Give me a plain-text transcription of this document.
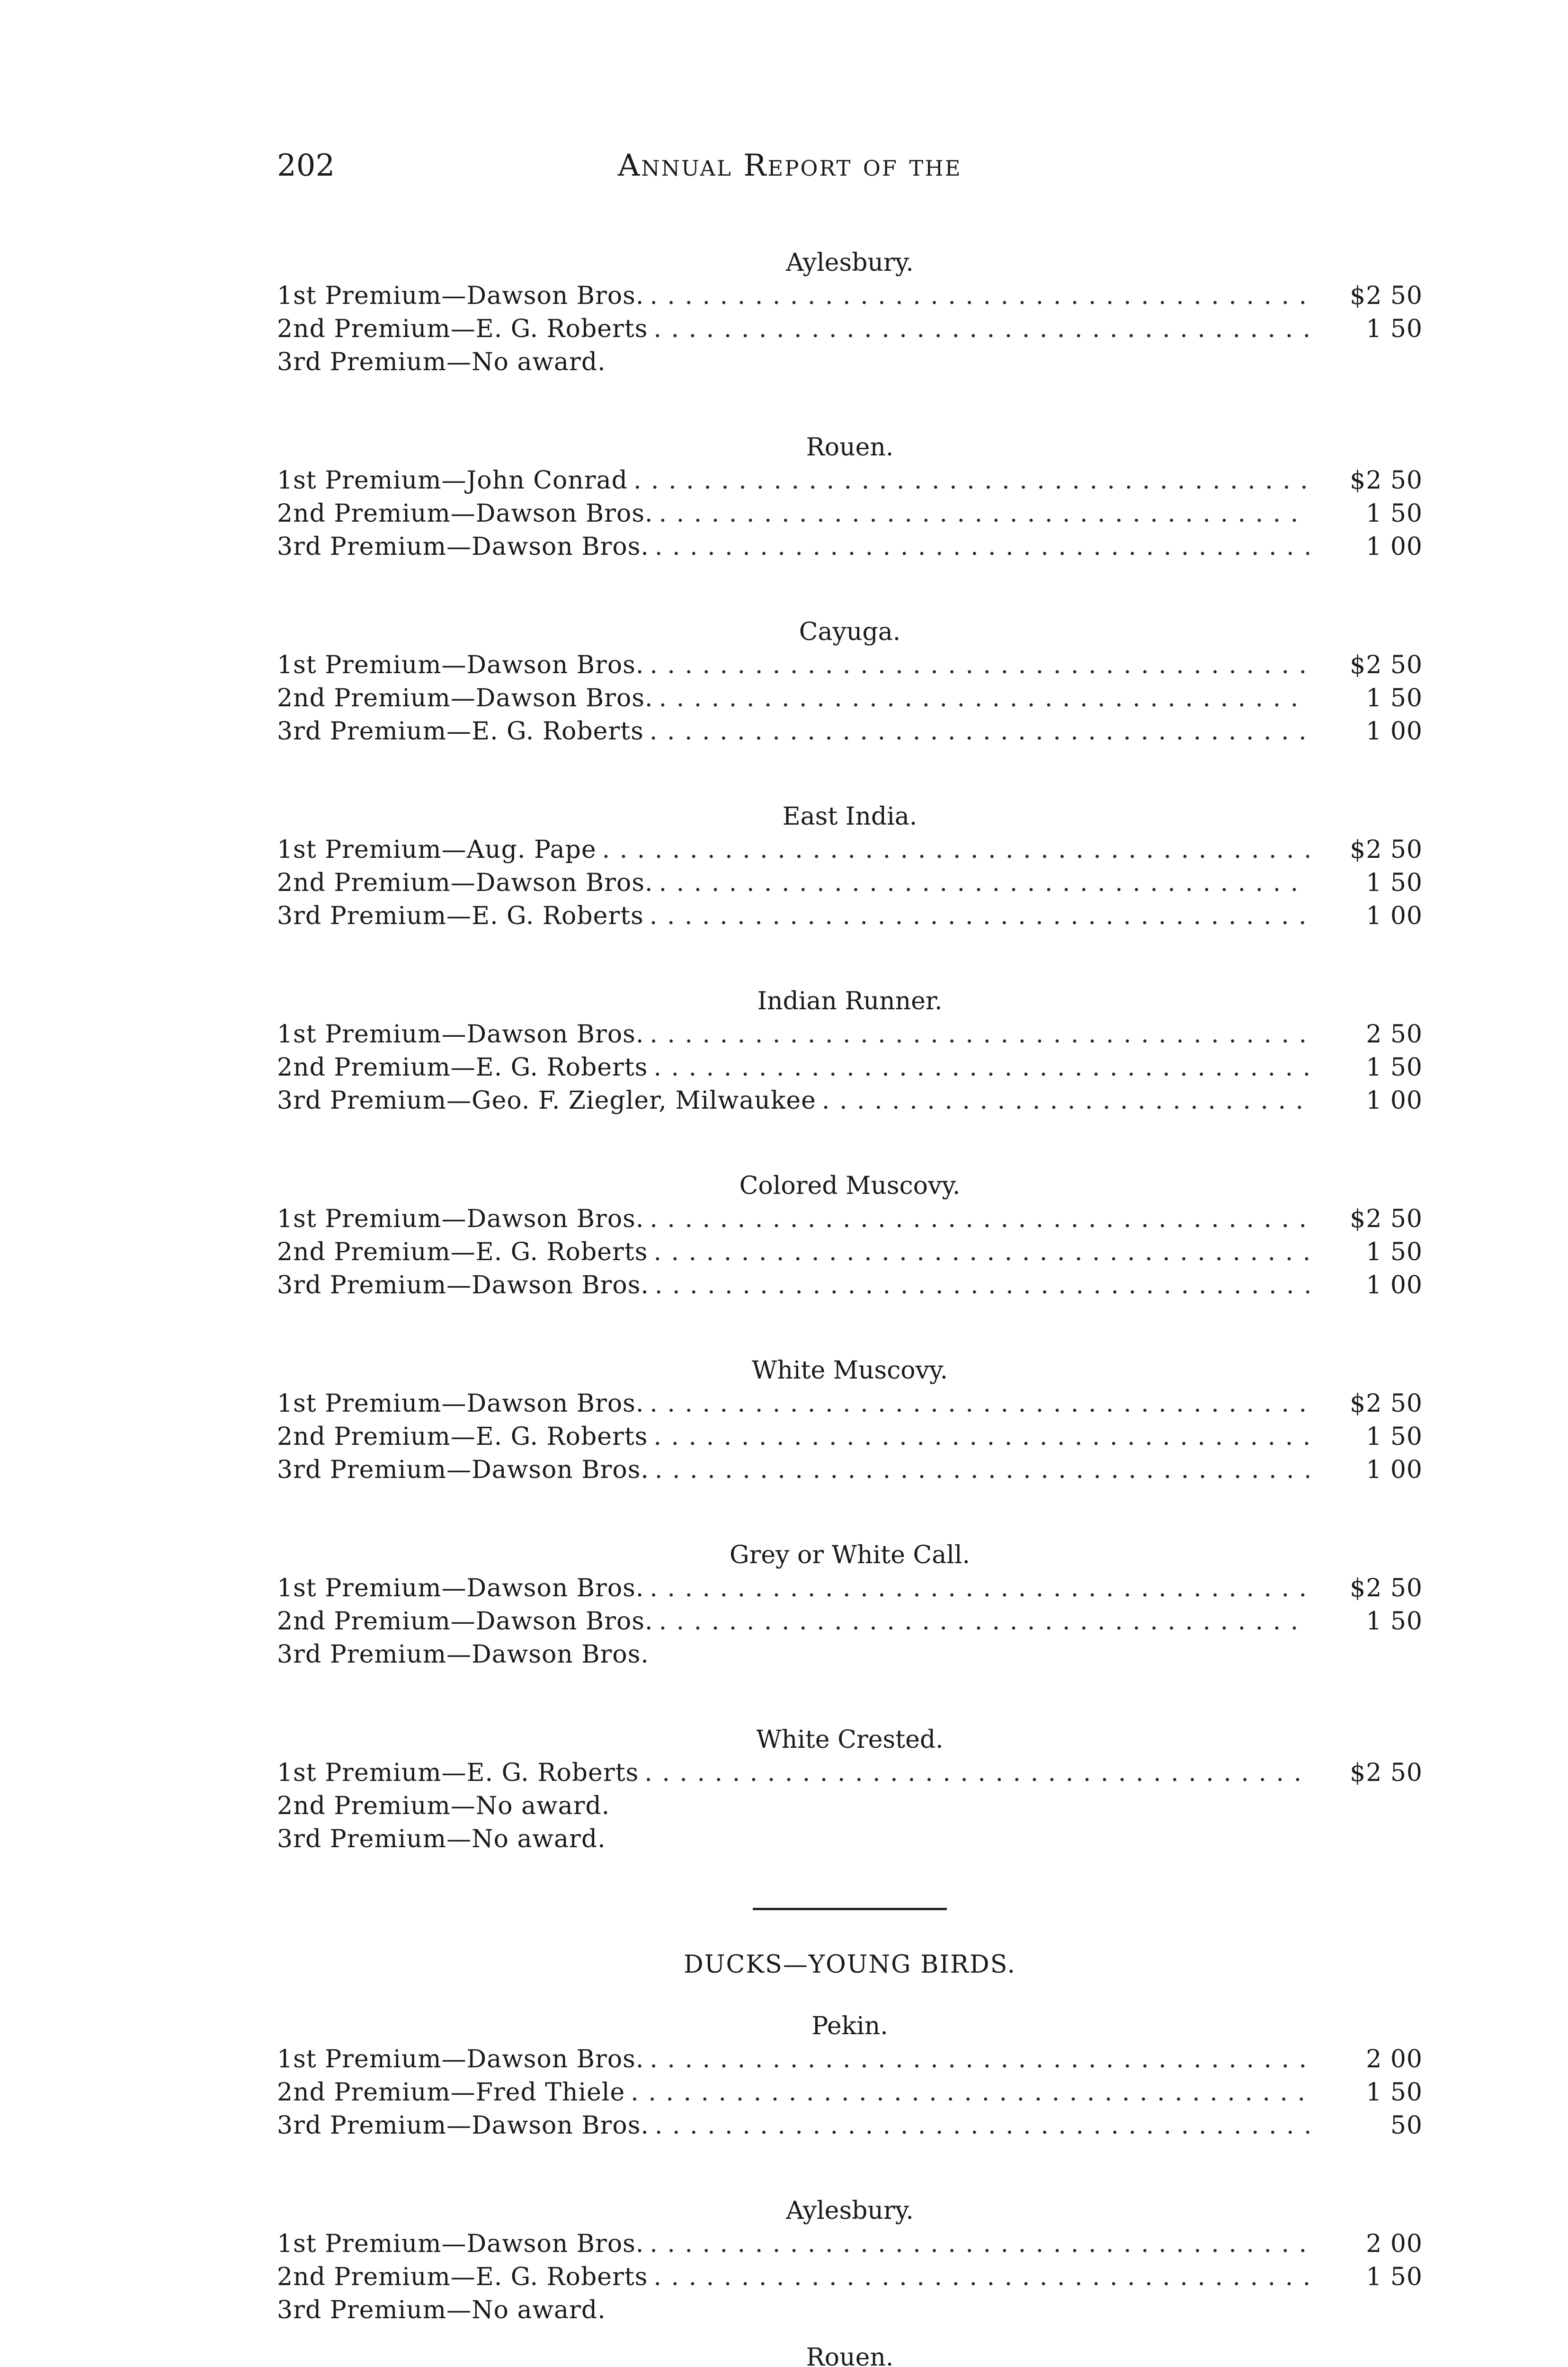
202	Annual Report of the
Aylesbury.
1st Premium—Dawson Bros. . . .	$2 50
2nd Premium—E. G. Roberts . . .	1 50
3rd Premium—No award.
Rouen.
1st Premium—John Conrad . . .	$2 50
2nd Premium—Dawson Bros. . . .	1 50
3rd Premium—Dawson Bros. . . .	1 00
Cayuga.
1st Premium—Dawson Bros. . . .	$2 50
2nd Premium—Dawson Bros. . . .	1 50
3rd Premium—E. G. Roberts . . .	1 00
East India.
1st Premium—Aug. Pape . . .	$2 50
2nd Premium—Dawson Bros. . . .	1 50
3rd Premium—E. G. Roberts . . .	1 00
Indian Runner.
1st Premium—Dawson Bros. . . .	2 50
2nd Premium—E. G. Roberts . . .	1 50
3rd Premium—Geo. F. Ziegler, Milwaukee . . .	1 00
Colored Muscovy.
1st Premium—Dawson Bros. . . .	$2 50
2nd Premium—E. G. Roberts . . .	1 50
3rd Premium—Dawson Bros. . . .	1 00
White Muscovy.
1st Premium—Dawson Bros. . . .	$2 50
2nd Premium—E. G. Roberts . . .	1 50
3rd Premium—Dawson Bros. . . .	1 00
Grey or White Call.
1st Premium—Dawson Bros. . . .	$2 50
2nd Premium—Dawson Bros. . . .	1 50
3rd Premium—Dawson Bros.
White Crested.
1st Premium—E. G. Roberts . . .	$2 50
2nd Premium—No award.
3rd Premium—No award.
DUCKS—YOUNG BIRDS.
Pekin.
1st Premium—Dawson Bros. . . .	2 00
2nd Premium—Fred Thiele . . .	1 50
3rd Premium—Dawson Bros. . . .	50
Aylesbury.
1st Premium—Dawson Bros. . . .	2 00
2nd Premium—E. G. Roberts . . .	1 50
3rd Premium—No award.
Rouen.
